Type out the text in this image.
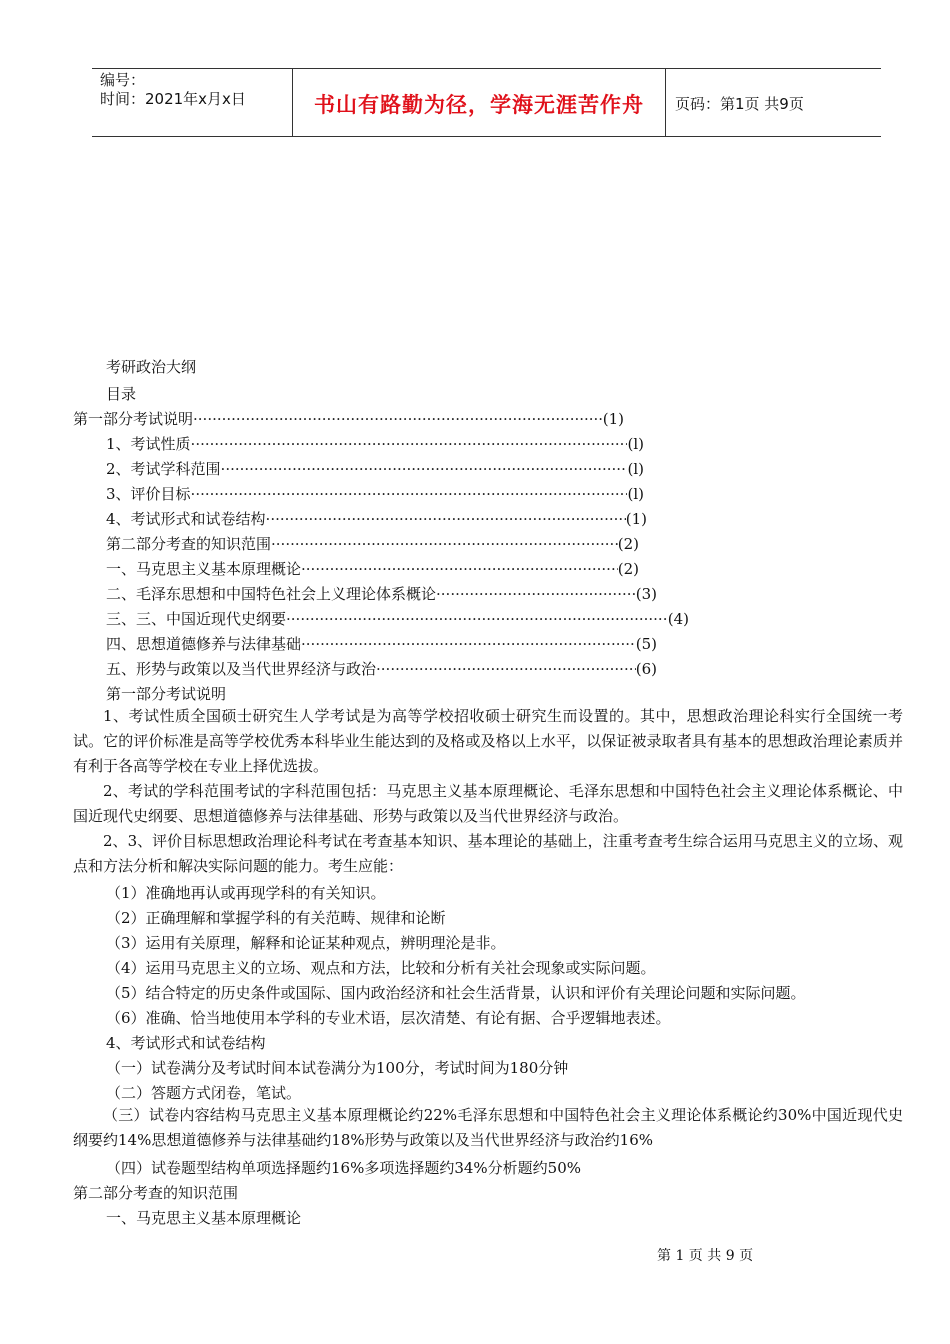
编号：
时间：2021年x月x日	书山有路勤为径，学海无涯苦作舟	页码：第1页 共9页
考研政治大纲
目录
第一部分考试说明 ·····	(1)
1、考试性质 ·····	(l)
2、考试学科范围 ·····	(l)
3、评价目标 ·····	(l)
4、考试形式和试卷结构 ·····	(1)
第二部分考查的知识范围 ·····	(2)
一、马克思主义基本原理概论 ·····	(2)
二、毛泽东思想和中国特色社会上义理论体系概论 ·····	(3)
三、三、中国近现代史纲要 ·····	(4)
四、思想道德修养与法律基础 ·····	(5)
五、形势与政策以及当代世界经济与政治 ·····	(6)
第一部分考试说明
1、考试性质全国硕士研究生人学考试是为高等学校招收硕士研究生而设置的。其中，思想政治理论科实行全国统一考试。它的评价标准是高等学校优秀本科毕业生能达到的及格或及格以上水平，以保证被录取者具有基本的思想政治理论素质并有利于各高等学校在专业上择优选拔。
2、考试的学科范围考试的字科范围包括：马克思主义基本原理概论、毛泽东思想和中国特色社会主义理论体系概论、中国近现代史纲要、思想道德修养与法律基础、形势与政策以及当代世界经济与政治。
2、3、评价目标思想政治理论科考试在考查基本知识、基本理论的基础上，注重考查考生综合运用马克思主义的立场、观点和方法分析和解决实际问题的能力。考生应能：
（1）准确地再认或再现学科的有关知识。
（2）正确理解和掌握学科的有关范畴、规律和论断
（3）运用有关原理，解释和论证某种观点，辨明理沦是非。
（4）运用马克思主义的立场、观点和方法，比较和分析有关社会现象或实际问题。
（5）结合特定的历史条件或国际、国内政治经济和社会生活背景，认识和评价有关理论问题和实际问题。
（6）准确、恰当地使用本学科的专业术语，层次清楚、有论有据、合乎逻辑地表述。
4、考试形式和试卷结构
（一）试卷满分及考试时间本试卷满分为100分，考试时间为180分钟
（二）答题方式闭卷，笔试。
（三）试卷内容结构马克思主义基本原理概论约22%毛泽东思想和中国特色社会主义理论体系概论约30%中国近现代史纲要约14%思想道德修养与法律基础约18%形势与政策以及当代世界经济与政治约16%
（四）试卷题型结构单项选择题约16%多项选择题约34%分析题约50%
第二部分考查的知识范围
一、马克思主义基本原理概论
第 1 页 共 9 页
